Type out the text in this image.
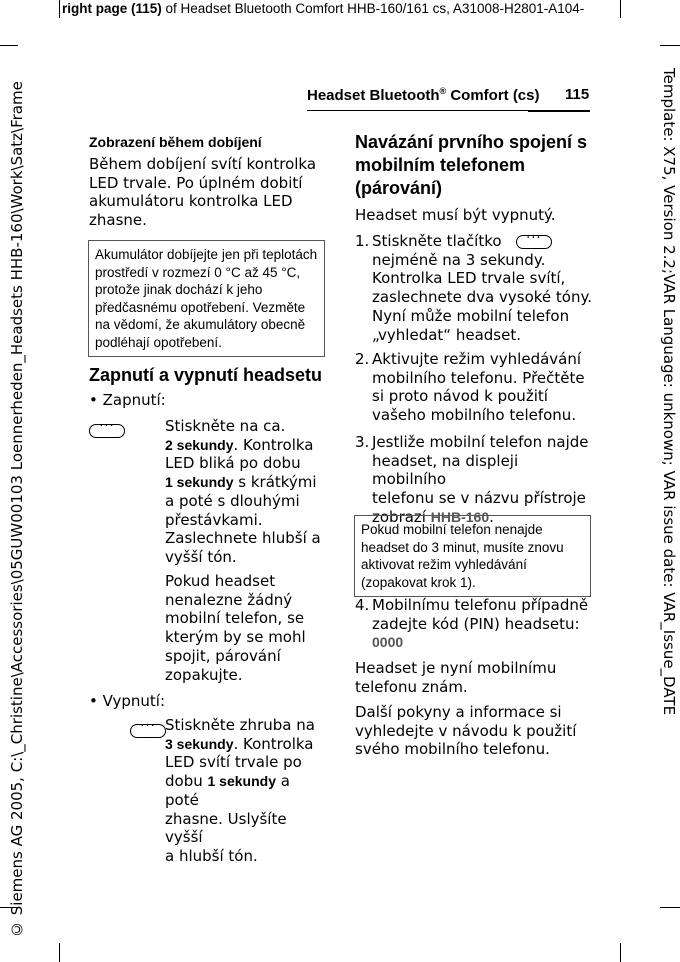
right page (115) of Headset Bluetooth Comfort HHB-160/161 cs, A31008-H2801-A104-
© Siemens AG 2005, C:\_Christine\Accessories\05GUW00103 Loennerheden_Headsets HHB-160\Work\Satz\Frame	Template: X75, Version 2.2;VAR Language: unknown; VAR issue date: VAR_Issue_DATE
Headset Bluetooth® Comfort (cs) 115
Zobrazení během dobíjení
Během dobíjení svítí kontrolka
LED trvale. Po úplném dobití
akumulátoru kontrolka LED
zhasne.
Akumulátor dobíjejte jen při teplotách
prostředí v rozmezí 0 °C až 45 °C,
protože jinak dochází k jeho
předčasnému opotřebení. Vezměte
na vědomí, že akumulátory obecně
podléhají opotřebení.
Zapnutí a vypnutí headsetu
• Zapnutí:
···
Stiskněte na ca.
2 sekundy. Kontrolka
LED bliká po dobu
1 sekundy s krátkými
a poté s dlouhými
přestávkami.
Zaslechnete hlubší a
vyšší tón.
Pokud headset
nenalezne žádný
mobilní telefon, se
kterým by se mohl
spojit, párování
zopakujte.
• Vypnutí:
···
Stiskněte zhruba na
3 sekundy. Kontrolka
LED svítí trvale po
dobu 1 sekundy a poté
zhasne. Uslyšíte vyšší
a hlubší tón.
Navázání prvního spojení s
mobilním telefonem
(párování)
Headset musí být vypnutý.
1. Stiskněte tlačítko   ···
nejméně na 3 sekundy.
Kontrolka LED trvale svítí,
zaslechnete dva vysoké tóny.
Nyní může mobilní telefon
„vyhledat“ headset.
2. Aktivujte režim vyhledávání
mobilního telefonu. Přečtěte
si proto návod k použití
vašeho mobilního telefonu.
3. Jestliže mobilní telefon najde
headset, na displeji mobilního
telefonu se v názvu přístroje
zobrazí HHB-160.
Pokud mobilní telefon nenajde
headset do 3 minut, musíte znovu
aktivovat režim vyhledávání
(zopakovat krok 1).
4. Mobilnímu telefonu případně
zadejte kód (PIN) headsetu:
0000
Headset je nyní mobilnímu
telefonu znám.
Další pokyny a informace si
vyhledejte v návodu k použití
svého mobilního telefonu.
